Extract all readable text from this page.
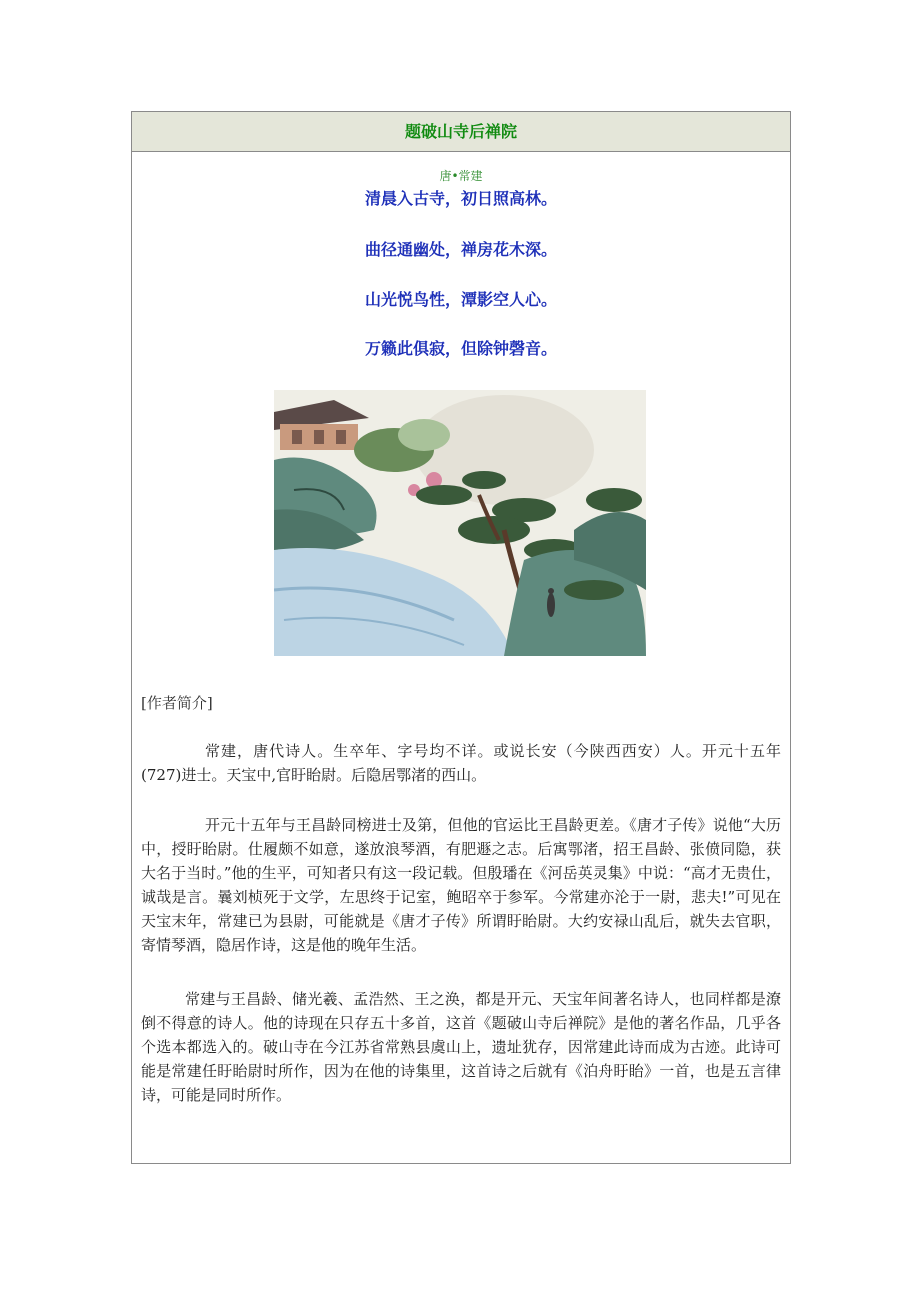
题破山寺后禅院
唐•常建
清晨入古寺，初日照高林。
曲径通幽处，禅房花木深。
山光悦鸟性，潭影空人心。
万籁此俱寂，但除钟磬音。
[作者简介]

常建，唐代诗人。生卒年、字号均不详。或说长安（今陕西西安）人。开元十五年(727)进士。天宝中,官盱眙尉。后隐居鄂渚的西山。

开元十五年与王昌龄同榜进士及第，但他的官运比王昌龄更差。《唐才子传》说他“大历中，授盱眙尉。仕履颇不如意，遂放浪琴酒，有肥遯之志。后寓鄂渚，招王昌龄、张偾同隐，获大名于当时。”他的生平，可知者只有这一段记载。但殷璠在《河岳英灵集》中说：“高才无贵仕，诚哉是言。曩刘桢死于文学，左思终于记室，鲍昭卒于参军。今常建亦沦于一尉，悲夫!”可见在天宝末年，常建已为县尉，可能就是《唐才子传》所谓盱眙尉。大约安禄山乱后，就失去官职，寄情琴酒，隐居作诗，这是他的晚年生活。

常建与王昌龄、储光羲、孟浩然、王之涣，都是开元、天宝年间著名诗人，也同样都是潦倒不得意的诗人。他的诗现在只存五十多首，这首《题破山寺后禅院》是他的著名作品，几乎各个选本都选入的。破山寺在今江苏省常熟县虞山上，遗址犹存，因常建此诗而成为古迹。此诗可能是常建任盱眙尉时所作，因为在他的诗集里，这首诗之后就有《泊舟盱眙》一首，也是五言律诗，可能是同时所作。
